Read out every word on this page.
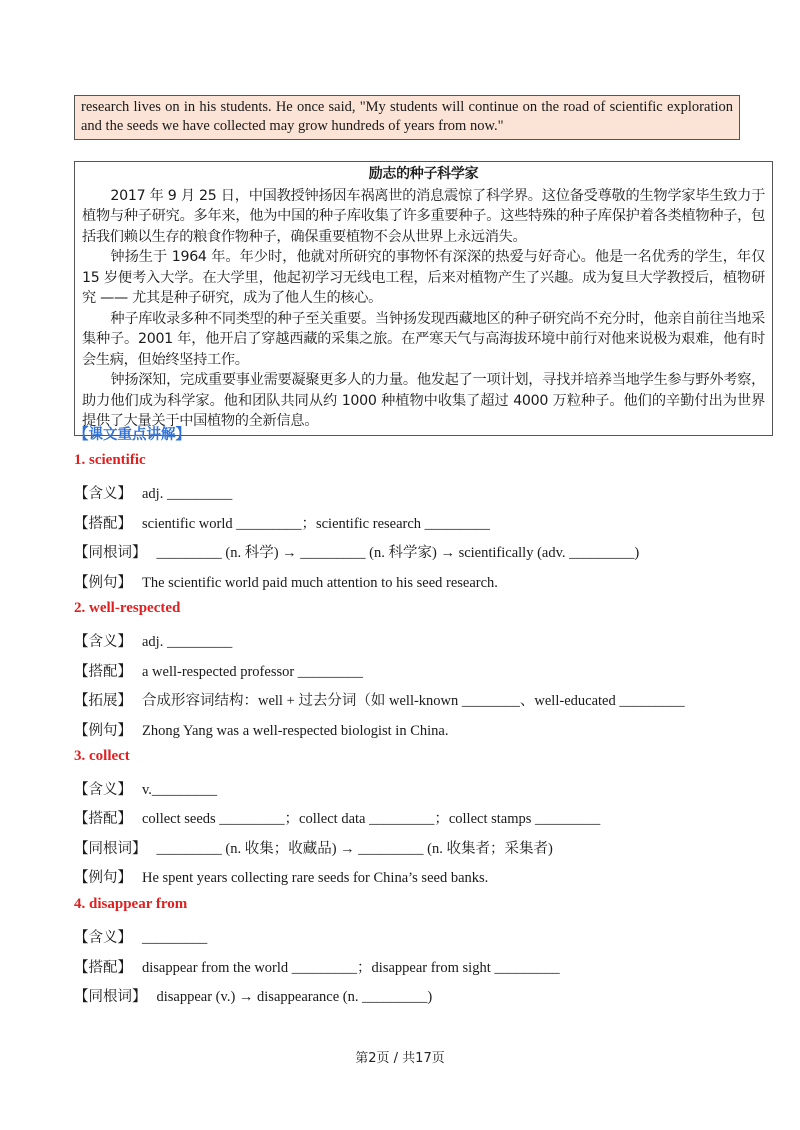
research lives on in his students. He once said, "My students will continue on the road of scientific exploration and the seeds we have collected may grow hundreds of years from now."
励志的种子科学家

2017 年 9 月 25 日，中国教授钟扬因车祸离世的消息震惊了科学界。这位备受尊敬的生物学家毕生致力于植物与种子研究。多年来，他为中国的种子库收集了许多重要种子。这些特殊的种子库保护着各类植物种子，包括我们赖以生存的粮食作物种子，确保重要植物不会从世界上永远消失。

钟扬生于 1964 年。年少时，他就对所研究的事物怀有深深的热爱与好奇心。他是一名优秀的学生，年仅 15 岁便考入大学。在大学里，他起初学习无线电工程，后来对植物产生了兴趣。成为复旦大学教授后，植物研究 —— 尤其是种子研究，成为了他人生的核心。

种子库收录多种不同类型的种子至关重要。当钟扬发现西藏地区的种子研究尚不充分时，他亲自前往当地采集种子。2001 年，他开启了穿越西藏的采集之旅。在严寒天气与高海拔环境中前行对他来说极为艰难，他有时会生病，但始终坚持工作。

钟扬深知，完成重要事业需要凝聚更多人的力量。他发起了一项计划，寻找并培养当地学生参与野外考察，助力他们成为科学家。他和团队共同从约 1000 种植物中收集了超过 4000 万粒种子。他们的辛勤付出为世界提供了大量关于中国植物的全新信息。

【课文重点讲解】
1. scientific
【含义】 adj. _________
【搭配】 scientific world _________；scientific research _________
【同根词】 _________ (n. 科学) → _________ (n. 科学家) → scientifically (adv. _________)
【例句】 The scientific world paid much attention to his seed research.
2. well-respected
【含义】 adj. _________
【搭配】 a well-respected professor _________
【拓展】 合成形容词结构：well + 过去分词（如 well-known ________、well-educated _________
【例句】 Zhong Yang was a well-respected biologist in China.
3. collect
【含义】 v._________
【搭配】 collect seeds _________；collect data _________；collect stamps _________
【同根词】 _________ (n. 收集；收藏品) → _________ (n. 收集者；采集者)
【例句】 He spent years collecting rare seeds for China’s seed banks.
4. disappear from
【含义】 _________
【搭配】 disappear from the world _________；disappear from sight _________
【同根词】 disappear (v.) → disappearance (n. _________)
第2页 / 共17页
